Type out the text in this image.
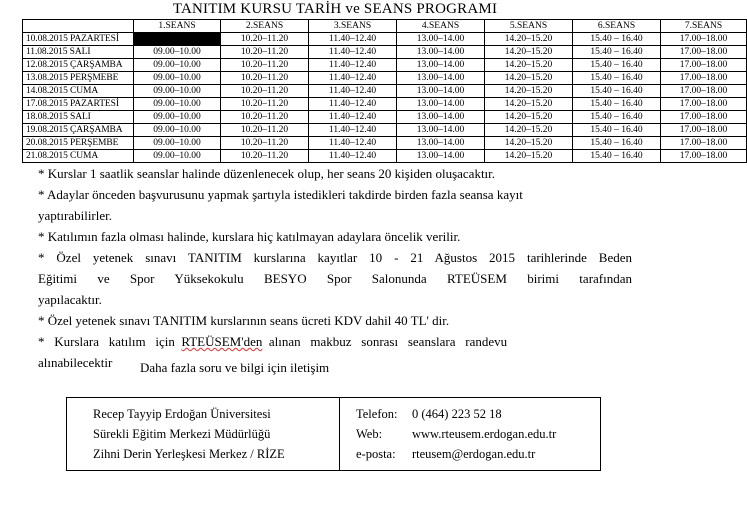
TANITIM KURSU TARİH ve SEANS PROGRAMI
	1.SEANS	2.SEANS	3.SEANS	4.SEANS	5.SEANS	6.SEANS	7.SEANS
10.08.2015 PAZARTESİ		10.20–11.20	11.40–12.40	13.00–14.00	14.20–15.20	15.40 – 16.40	17.00–18.00
11.08.2015 SALI	09.00–10.00	10.20–11.20	11.40–12.40	13.00–14.00	14.20–15.20	15.40 – 16.40	17.00–18.00
12.08.2015 ÇARŞAMBA	09.00–10.00	10.20–11.20	11.40–12.40	13.00–14.00	14.20–15.20	15.40 – 16.40	17.00–18.00
13.08.2015 PERŞMEBE	09.00–10.00	10.20–11.20	11.40–12.40	13.00–14.00	14.20–15.20	15.40 – 16.40	17.00–18.00
14.08.2015 CUMA	09.00–10.00	10.20–11.20	11.40–12.40	13.00–14.00	14.20–15.20	15.40 – 16.40	17.00–18.00
17.08.2015 PAZARTESİ	09.00–10.00	10.20–11.20	11.40–12.40	13.00–14.00	14.20–15.20	15.40 – 16.40	17.00–18.00
18.08.2015 SALI	09.00–10.00	10.20–11.20	11.40–12.40	13.00–14.00	14.20–15.20	15.40 – 16.40	17.00–18.00
19.08.2015 ÇARŞAMBA	09.00–10.00	10.20–11.20	11.40–12.40	13.00–14.00	14.20–15.20	15.40 – 16.40	17.00–18.00
20.08.2015 PERŞEMBE	09.00–10.00	10.20–11.20	11.40–12.40	13.00–14.00	14.20–15.20	15.40 – 16.40	17.00–18.00
21.08.2015 CUMA	09.00–10.00	10.20–11.20	11.40–12.40	13.00–14.00	14.20–15.20	15.40 – 16.40	17.00–18.00
* Kurslar 1 saatlik seanslar halinde düzenlenecek olup, her seans 20 kişiden oluşacaktır.
* Adaylar önceden başvurusunu yapmak şartıyla istedikleri takdirde birden fazla seansa kayıt
yaptırabilirler.
* Katılımın fazla olması halinde, kurslara hiç katılmayan adaylara öncelik verilir.
* Özel yetenek sınavı TANITIM kurslarına kayıtlar 10 - 21 Ağustos 2015 tarihlerinde Beden
Eğitimi ve Spor Yüksekokulu BESYO Spor Salonunda RTEÜSEM birimi tarafından
yapılacaktır.
* Özel yetenek sınavı TANITIM kurslarının seans ücreti KDV dahil 40 TL' dir.
*   Kurslara   katılım   için  RTEÜSEM'den  alınan   makbuz   sonrası   seanslara   randevu
alınabilecektir	Daha fazla soru ve bilgi için iletişim
Recep Tayyip Erdoğan Üniversitesi
Sürekli Eğitim Merkezi Müdürlüğü
Zihni Derin Yerleşkesi Merkez / RİZE
Telefon: 0 (464) 223 52 18
Web: www.rteusem.erdogan.edu.tr
e-posta: rteusem@erdogan.edu.tr
